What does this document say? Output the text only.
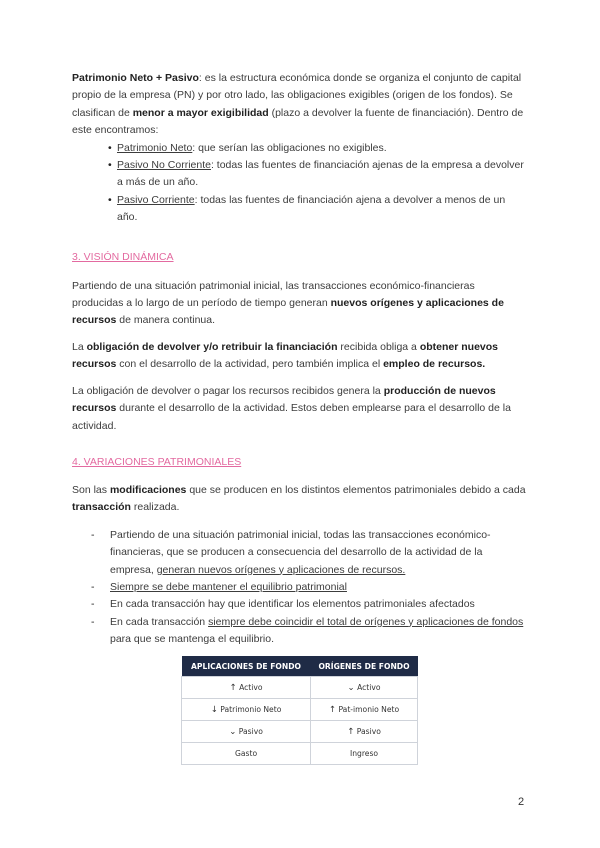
Patrimonio Neto + Pasivo: es la estructura económica donde se organiza el conjunto de capital propio de la empresa (PN) y por otro lado, las obligaciones exigibles (origen de los fondos). Se clasifican de menor a mayor exigibilidad (plazo a devolver la fuente de financiación). Dentro de este encontramos:

• Patrimonio Neto: que serían las obligaciones no exigibles.
• Pasivo No Corriente: todas las fuentes de financiación ajenas de la empresa a devolver a más de un año.
• Pasivo Corriente: todas las fuentes de financiación ajena a devolver a menos de un año.
3. VISIÓN DINÁMICA

Partiendo de una situación patrimonial inicial, las transacciones económico-financieras producidas a lo largo de un período de tiempo generan nuevos orígenes y aplicaciones de recursos de manera continua.

La obligación de devolver y/o retribuir la financiación recibida obliga a obtener nuevos recursos con el desarrollo de la actividad, pero también implica el empleo de recursos.

La obligación de devolver o pagar los recursos recibidos genera la producción de nuevos recursos durante el desarrollo de la actividad. Estos deben emplearse para el desarrollo de la actividad.

4. VARIACIONES PATRIMONIALES

Son las modificaciones que se producen en los distintos elementos patrimoniales debido a cada transacción realizada.

- Partiendo de una situación patrimonial inicial, todas las transacciones económico-financieras, que se producen a consecuencia del desarrollo de la actividad de la empresa, generan nuevos orígenes y aplicaciones de recursos.
- Siempre se debe mantener el equilibrio patrimonial
- En cada transacción hay que identificar los elementos patrimoniales afectados
- En cada transacción siempre debe coincidir el total de orígenes y aplicaciones de fondos para que se mantenga el equilibrio.
APLICACIONES DE FONDO	ORÍGENES DE FONDO
↑ Activo	⌄ Activo
↓ Patrimonio Neto	↑ Pat-imonio Neto
⌄ Pasivo	↑ Pasivo
Gasto	Ingreso
2
